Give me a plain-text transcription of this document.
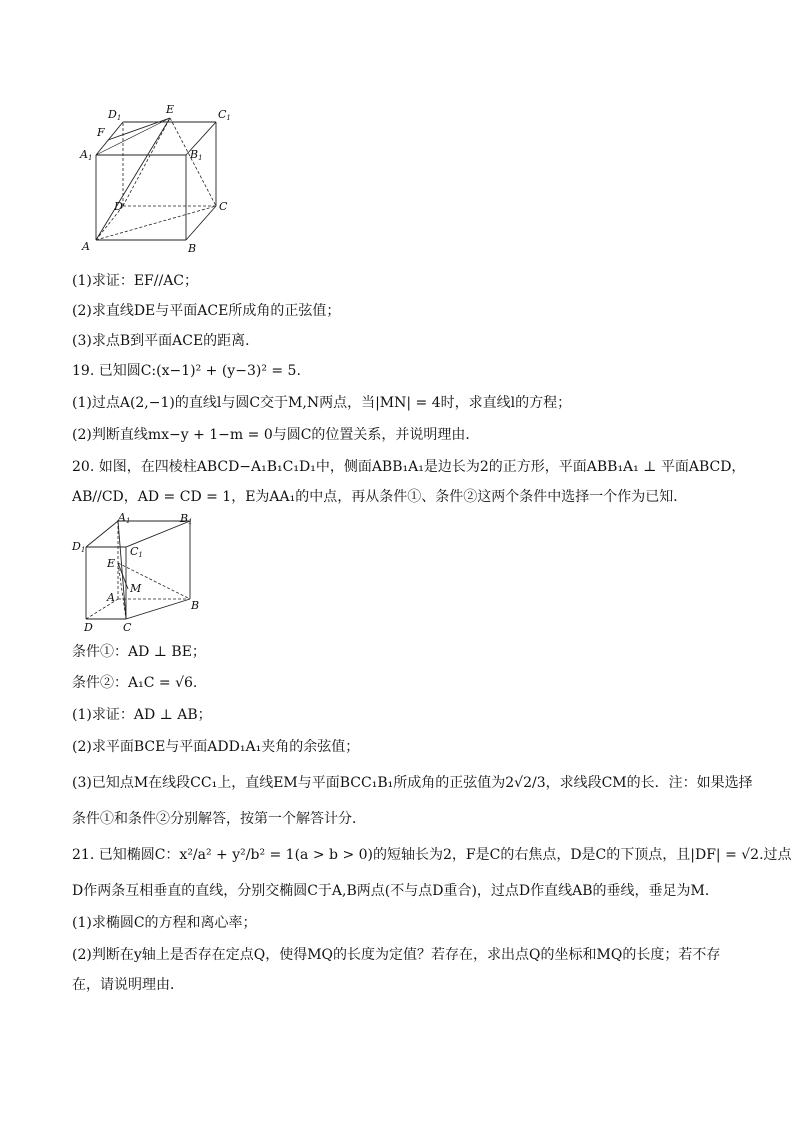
D1
E	C1
F
A1	B1
D	C
A	B
(1)求证：EF//AC；
(2)求直线DE与平面ACE所成角的正弦值；
(3)求点B到平面ACE的距离．
19. 已知圆C:(x−1)² + (y−3)² = 5.
(1)过点A(2,−1)的直线l与圆C交于M,N两点，当|MN| = 4时，求直线l的方程；
(2)判断直线mx−y + 1−m = 0与圆C的位置关系，并说明理由．
20. 如图，在四棱柱ABCD−A₁B₁C₁D₁中，侧面ABB₁A₁是边长为2的正方形，平面ABB₁A₁ ⊥ 平面ABCD，
AB//CD，AD = CD = 1，E为AA₁的中点，再从条件①、条件②这两个条件中选择一个作为已知．
A1	B1
D1	C1
E
M
A
B
D	C
条件①：AD ⊥ BE；
条件②：A₁C = √6.
(1)求证：AD ⊥ AB；
(2)求平面BCE与平面ADD₁A₁夹角的余弦值；
(3)已知点M在线段CC₁上，直线EM与平面BCC₁B₁所成角的正弦值为2√2/3，求线段CM的长．注：如果选择
条件①和条件②分别解答，按第一个解答计分．
21. 已知椭圆C：x²/a² + y²/b² = 1(a > b > 0)的短轴长为2，F是C的右焦点，D是C的下顶点，且|DF| = √2.过点
D作两条互相垂直的直线，分别交椭圆C于A,B两点(不与点D重合)，过点D作直线AB的垂线，垂足为M．
(1)求椭圆C的方程和离心率；
(2)判断在y轴上是否存在定点Q，使得MQ的长度为定值？若存在，求出点Q的坐标和MQ的长度；若不存
在，请说明理由．
